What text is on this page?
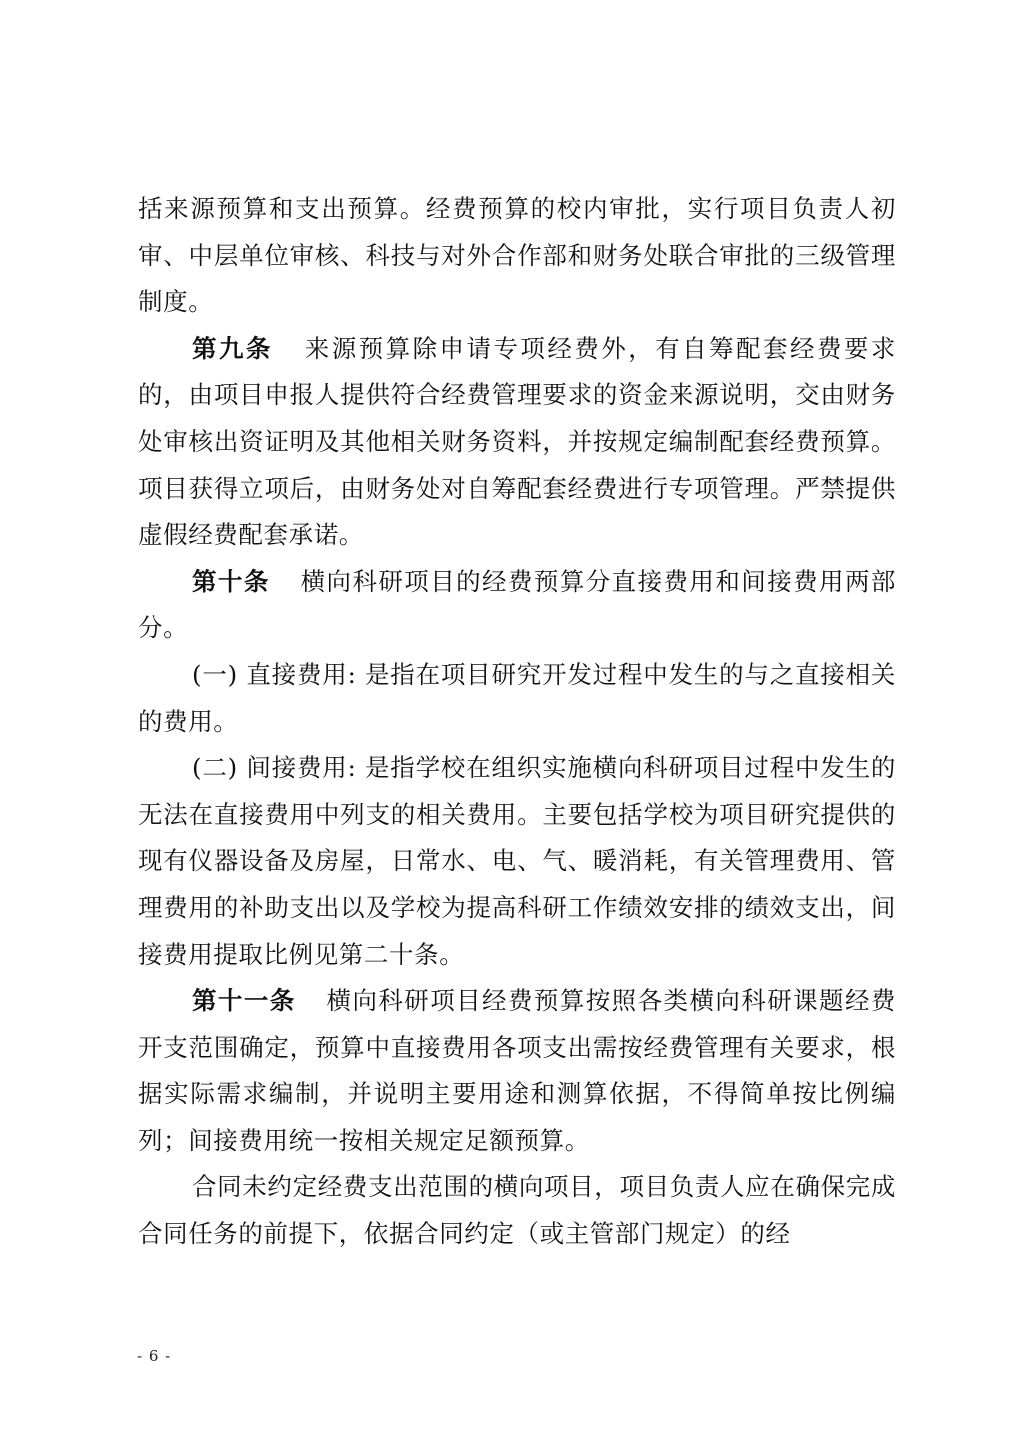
括来源预算和支出预算。经费预算的校内审批，实行项目负责人初审、中层单位审核、科技与对外合作部和财务处联合审批的三级管理制度。

第九条 来源预算除申请专项经费外，有自筹配套经费要求的，由项目申报人提供符合经费管理要求的资金来源说明，交由财务处审核出资证明及其他相关财务资料，并按规定编制配套经费预算。项目获得立项后，由财务处对自筹配套经费进行专项管理。严禁提供虚假经费配套承诺。

第十条 横向科研项目的经费预算分直接费用和间接费用两部分。

(一) 直接费用: 是指在项目研究开发过程中发生的与之直接相关的费用。

(二) 间接费用: 是指学校在组织实施横向科研项目过程中发生的无法在直接费用中列支的相关费用。主要包括学校为项目研究提供的现有仪器设备及房屋，日常水、电、气、暖消耗，有关管理费用、管理费用的补助支出以及学校为提高科研工作绩效安排的绩效支出，间接费用提取比例见第二十条。

第十一条 横向科研项目经费预算按照各类横向科研课题经费开支范围确定，预算中直接费用各项支出需按经费管理有关要求，根据实际需求编制，并说明主要用途和测算依据，不得简单按比例编列；间接费用统一按相关规定足额预算。

合同未约定经费支出范围的横向项目，项目负责人应在确保完成合同任务的前提下，依据合同约定（或主管部门规定）的经

- 6 -
